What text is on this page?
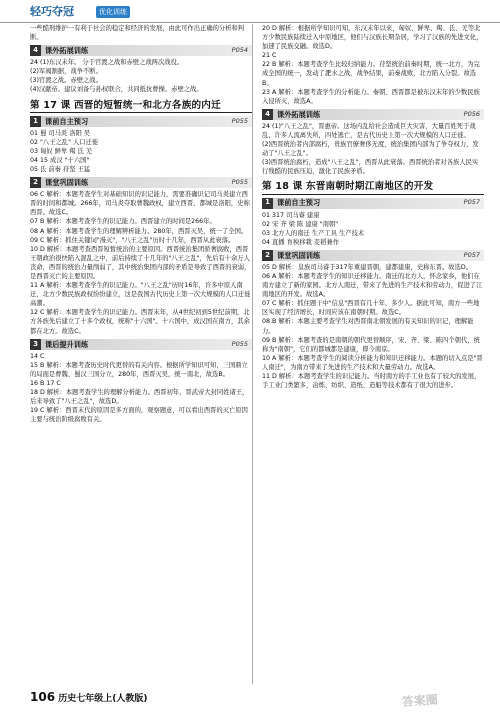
轻巧夺冠	优化训练

一些酷刑维护一有利于社会的稳定和经济的发展，由此可作出正确的分析和判断。

4 课外拓展训练	P054

24 (1)东汉末年。 分于官渡之战和赤壁之战两次战役。

(2)军阀割据，战争不断。

(3)官渡之战。赤壁之战。

(4)汉献帝。建议刘备与孙权联合，共同抵抗曹操。赤壁之战。

第 17 课 西晋的短暂统一和北方各族的内迁
1 课前自主预习	P055

01 蜀 司马炎 洛阳 吴

02 "八王之乱" 人口迁徙

03 匈奴 鲜卑 羯 氐 羌

04 15 成汉 "十六国"

05 氐 前秦 苻坚 王猛

2 课堂巩固训练	P055

06 C 解析：本题考查学生对基础知识的识记能力，需要准确识记司马炎建立西晋的时间和都城。266年，司马炎夺取曹魏政权，建立西晋，都城是洛阳，史称西晋。故选C。

07 B 解析：本题考查学生的识记能力。西晋建立的时间是266年。

08 A 解析：本题考查学生的理解辨析能力。280年，西晋灭吴，统一了全国。

09 C 解析：抓住关键词"漫灭"，"八王之乱"历时十几年，西晋从此衰落。

10 D 解析：本题考查西晋短暂统治的主要原因。西晋统治集团骄奢腐败，西晋王朝政治很快陷入混乱之中，前后持续了十几年的"八王之乱"，先后有十余万人丧命，西晋的统治力量削弱了，其中统治集团内部的矛盾是导致了西晋的衰弱，是西晋灭亡的主要原因。

11 A 解析：本题考查学生的识记能力。"八王之乱"历时16年，许多中原人南迁，北方少数民族政权纷纷建立，这是我国古代历史上第一次大规模的人口迁徙高潮。

12 C 解析：本题考查学生的识记能力。西晋末年，从4世纪初到5世纪前期，北方各族先后建立了十多个政权，统称"十六国"。十六国中，成汉国在南方，其余都在北方。故选C。

3 课后提升训练	P055

14 C

15 B 解析：本题考查历史时代更替的有关内容。根据所学知识可知，三国鼎立的局面是曹魏、蜀汉三国分立，280年，西晋灭吴，统一南北，故选B。

16 B 17 C

18 D 解析：本题考查学生的理解分析能力。西晋初年，晋武帝大封同姓诸王，后来导致了"八王之乱"，故选D。

19 C 解析：西晋末代的原因是多方面的，观察题意，可以看出西晋的灭亡原因主要与统治阶级腐败有关。

20 D 解析：根据所学知识可知，东汉末年以来，匈奴、鲜卑、羯、氐、羌等北方少数民族陆续迁入中原地区，他们与汉族长期杂居，学习了汉族的先进文化，加速了民族交融。故选D。

21 C

22 B 解析：本题考查学生比较归纳能力。苻坚统治前秦时期，统一北方，为完成全国的统一，发动了淝水之战，战争结果，前秦战败，北方陷入分裂。故选B。

23 A 解析：本题考查学生的分析能力。秦朝、西晋都是被东汉末年的少数民族入侵所灭，故选A。

4 课外拓展训练	P056

24 (1)"八王之乱"，晋惠帝。这场内乱给社会造成巨大灾害，大量百姓死于战乱，许多人流离失所，四处逃亡，是古代历史上第一次大规模的人口迁徙。

(2)西晋统治者内部腐朽，贵族官僚奢侈无度，统治集团内部为了争夺权力，发动了"八王之乱"。

(3)西晋统治腐朽，造成"八王之乱"，西晋从此衰落。西晋统治者对各族人民实行残酷的民族压迫，激化了民族矛盾。

第 18 课 东晋南朝时期江南地区的开发
1 课前自主预习	P057

01 317 司马睿 建康

02 宋 齐 梁 陈 建康 "南朝"

03 北方人的南迁 生产工具 生产技术

04 直播 育秧移栽 麦稻兼作

2 课堂巩固训练	P057

05 D 解析：皇族司马睿于317年重建晋朝，建都建康，史称东晋。故选D。

06 A 解析：本题考查学生的知识迁移能力。南迁的北方人，怀念家乡，他们在南方建立了新的家园。北方人南迁，带来了先进的生产技术和劳动力，促进了江南地区的开发。故选A。

07 C 解析：抓住题干中"信息"西晋有几十年，多少人。据此可知，南方一些地区实现了经济增长，时间应该在南朝时期。故选C。

08 B 解析：本题主要考查学生对西晋南北朝发展的有关知识的识记，理解能力。

09 B 解析：本题考查的是南朝的朝代更替顺序，宋、齐、梁、陈四个朝代，统称为"南朝"，它们的都城都是建康，即今南京。

10 A 解析：本题考查学生的阅读分析能力和知识迁移能力。本题的切入点是"晋人南迁"，为南方带来了先进的生产技术和大量劳动力。故选A。

11 D 解析：本题考查学生的识记能力。当时南方的手工业也有了较大的发展，手工业门类繁多，冶炼、纺织、造纸、造船等技术都有了很大的进步。

106 历史七年级上(人教版)	答案圈
